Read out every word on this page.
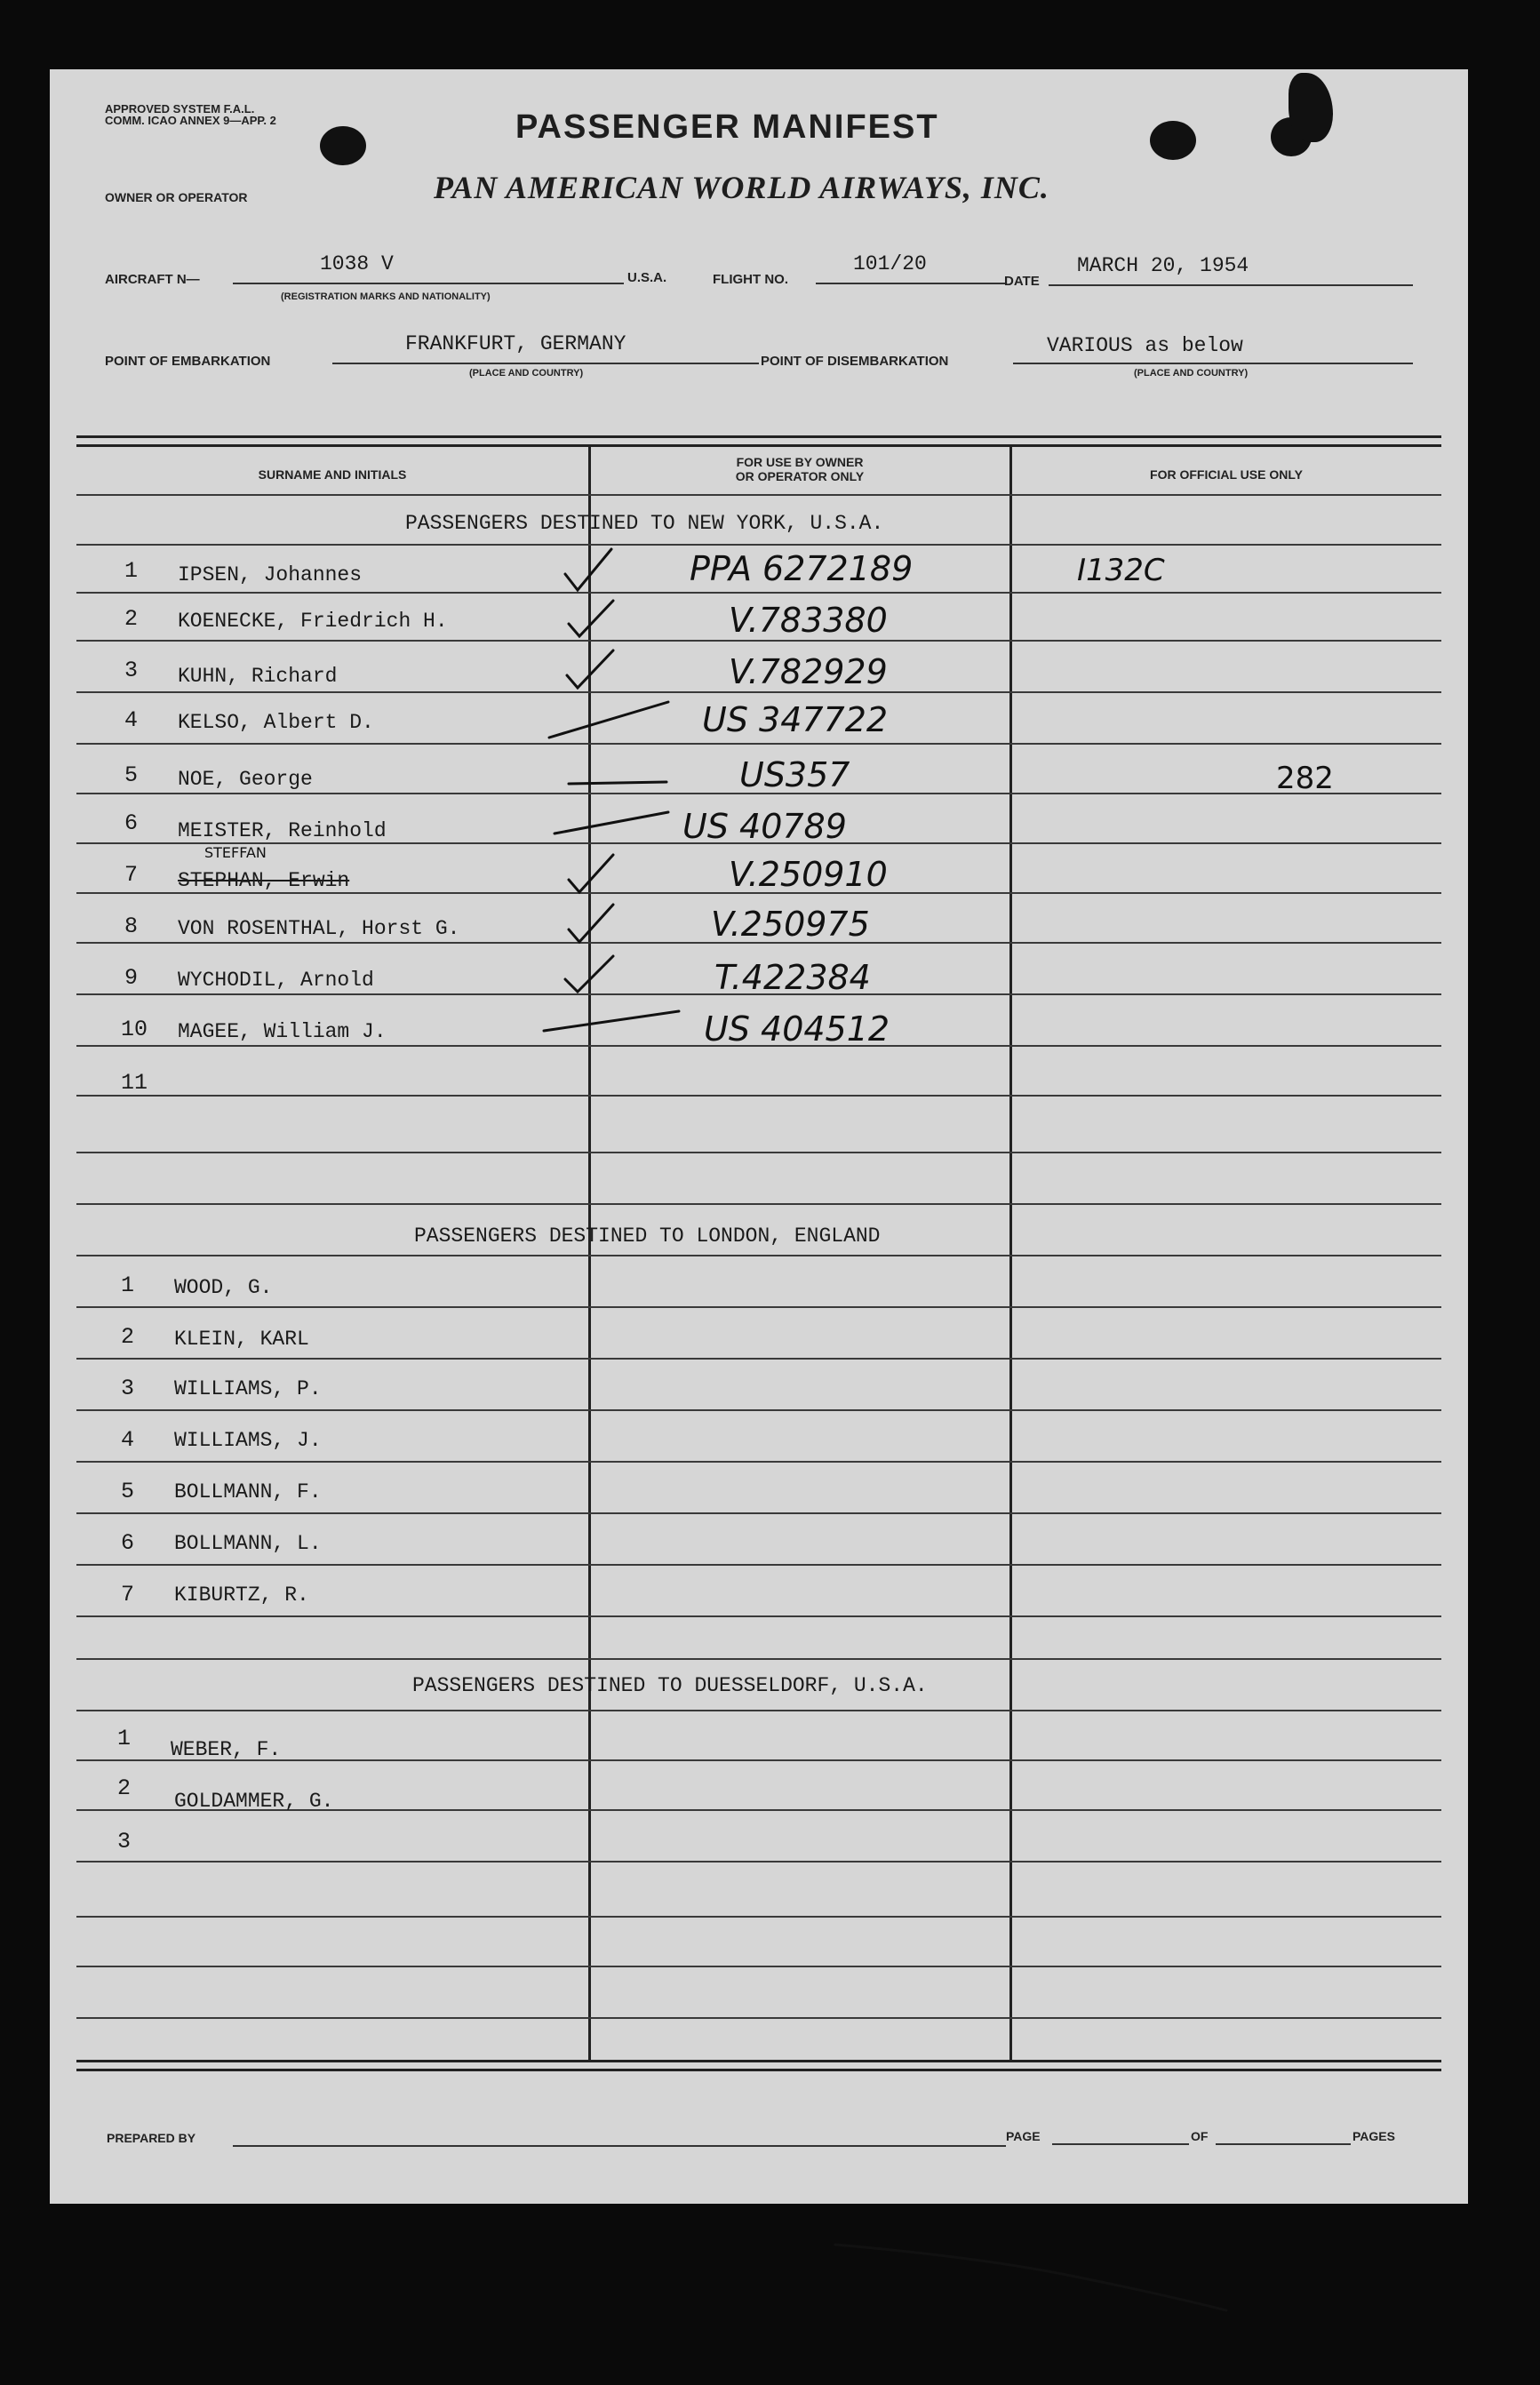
APPROVED SYSTEM F.A.L. COMM. ICAO ANNEX 9—APP. 2	PASSENGER MANIFEST
OWNER OR OPERATOR	PAN AMERICAN WORLD AIRWAYS, INC.
AIRCRAFT N—
1038 V
(REGISTRATION MARKS AND NATIONALITY)
U.S.A.	FLIGHT NO.
101/20
DATE
MARCH 20, 1954
POINT OF EMBARKATION
FRANKFURT, GERMANY
(PLACE AND COUNTRY)
POINT OF DISEMBARKATION
VARIOUS as below
(PLACE AND COUNTRY)
SURNAME AND INITIALS
FOR USE BY OWNER
OR OPERATOR ONLY	FOR OFFICIAL USE ONLY
PASSENGERS DESTINED TO NEW YORK, U.S.A.
1 IPSEN, Johannes	PPA 6272189	I132C
2 KOENECKE, Friedrich H.	V.783380
3 KUHN, Richard	V.782929
4 KELSO, Albert D.	US 347722
5 NOE, George	US357	282
6 MEISTER, Reinhold	US 40789
STEFFAN
7 STEPHAN, Erwin	V.250910
8 VON ROSENTHAL, Horst G.	V.250975
9 WYCHODIL, Arnold	T.422384
10 MAGEE, William J.	US 404512
11
PASSENGERS DESTINED TO LONDON, ENGLAND
1 WOOD, G.
2 KLEIN, KARL
3 WILLIAMS, P.
4 WILLIAMS, J.
5 BOLLMANN, F.
6 BOLLMANN, L.
7 KIBURTZ, R.
PASSENGERS DESTINED TO DUESSELDORF, U.S.A.
1 WEBER, F.
2 GOLDAMMER, G.
3
PREPARED BY	PAGE	OF	PAGES
